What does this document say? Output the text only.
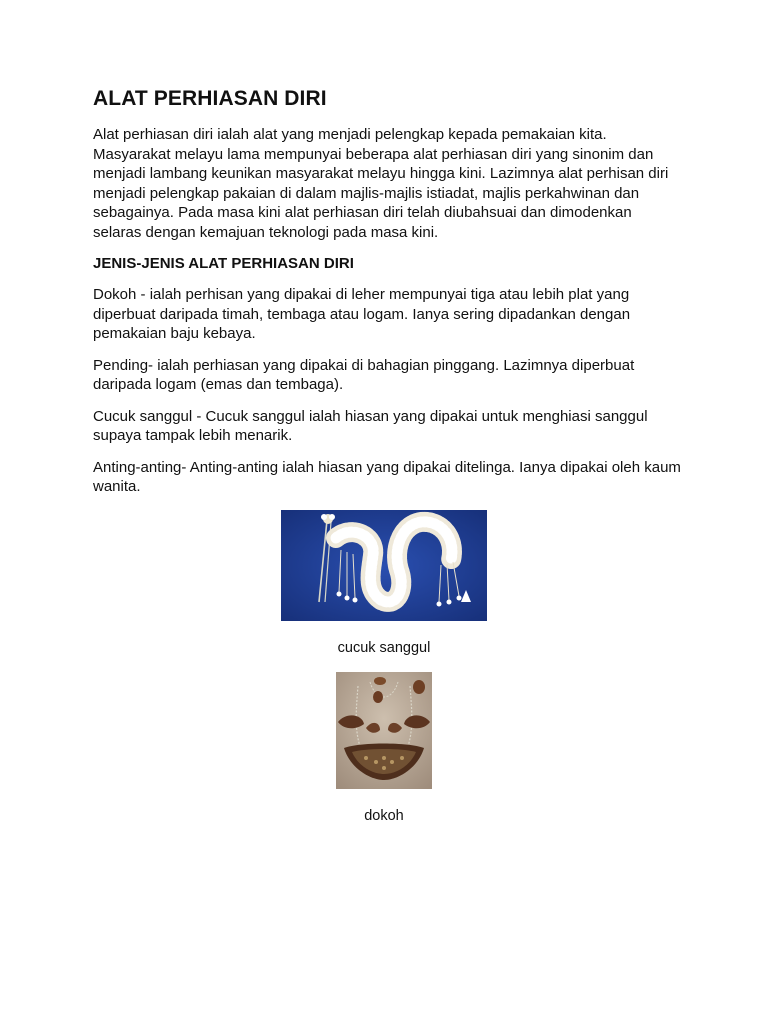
ALAT PERHIASAN DIRI

Alat perhiasan diri ialah alat yang menjadi pelengkap kepada pemakaian kita. Masyarakat melayu lama mempunyai beberapa alat perhiasan diri yang sinonim dan menjadi lambang keunikan masyarakat melayu hingga kini. Lazimnya alat perhisan diri menjadi pelengkap pakaian di dalam majlis-majlis istiadat, majlis perkahwinan dan sebagainya. Pada masa kini alat perhiasan diri telah diubahsuai dan dimodenkan selaras dengan kemajuan teknologi pada masa kini.

JENIS-JENIS ALAT PERHIASAN DIRI

Dokoh - ialah perhisan yang dipakai di leher mempunyai tiga atau lebih plat yang diperbuat daripada timah, tembaga atau logam. Ianya sering dipadankan dengan pemakaian baju kebaya.

Pending- ialah perhiasan yang dipakai di bahagian pinggang. Lazimnya diperbuat daripada logam (emas dan tembaga).

Cucuk sanggul - Cucuk sanggul ialah hiasan yang dipakai untuk menghiasi sanggul supaya tampak lebih menarik.

Anting-anting- Anting-anting ialah hiasan yang dipakai ditelinga. Ianya dipakai oleh kaum wanita.

cucuk sanggul
dokoh
